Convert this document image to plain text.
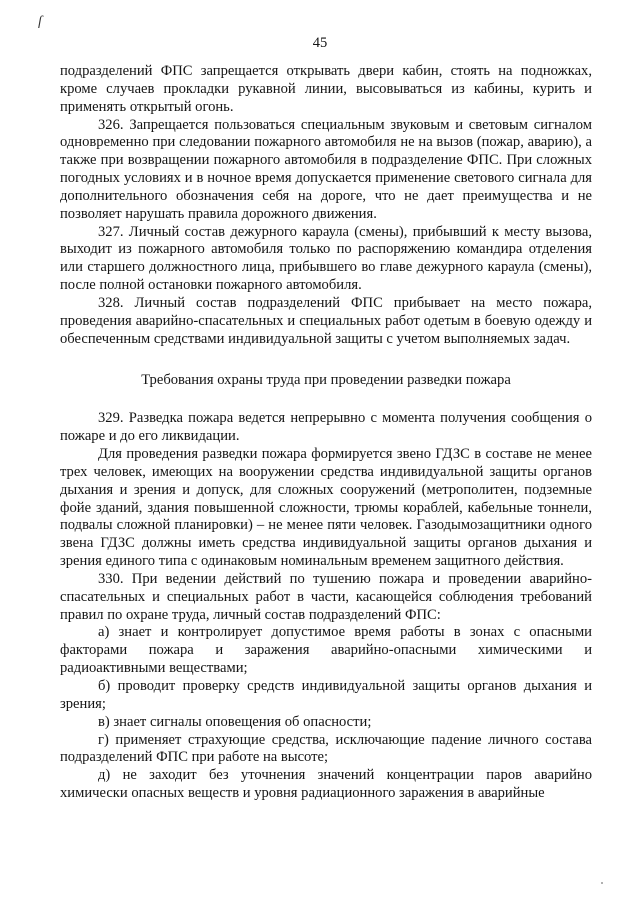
ſ
45

подразделений ФПС запрещается открывать двери кабин, стоять на подножках, кроме случаев прокладки рукавной линии, высовываться из кабины, курить и применять открытый огонь.

326. Запрещается пользоваться специальным звуковым и световым сигналом одновременно при следовании пожарного автомобиля не на вызов (пожар, аварию), а также при возвращении пожарного автомобиля в подразделение ФПС. При сложных погодных условиях и в ночное время допускается применение светового сигнала для дополнительного обозначения себя на дороге, что не дает преимущества и не позволяет нарушать правила дорожного движения.

327. Личный состав дежурного караула (смены), прибывший к месту вызова, выходит из пожарного автомобиля только по распоряжению командира отделения или старшего должностного лица, прибывшего во главе дежурного караула (смены), после полной остановки пожарного автомобиля.

328. Личный состав подразделений ФПС прибывает на место пожара, проведения аварийно-спасательных и специальных работ одетым в боевую одежду и обеспеченным средствами индивидуальной защиты с учетом выполняемых задач.

Требования охраны труда при проведении разведки пожара

329. Разведка пожара ведется непрерывно с момента получения сообщения о пожаре и до его ликвидации.

Для проведения разведки пожара формируется звено ГДЗС в составе не менее трех человек, имеющих на вооружении средства индивидуальной защиты органов дыхания и зрения и допуск, для сложных сооружений (метрополитен, подземные фойе зданий, здания повышенной сложности, трюмы кораблей, кабельные тоннели, подвалы сложной планировки) – не менее пяти человек. Газодымозащитники одного звена ГДЗС должны иметь средства индивидуальной защиты органов дыхания и зрения единого типа с одинаковым номинальным временем защитного действия.

330. При ведении действий по тушению пожара и проведении аварийно-спасательных и специальных работ в части, касающейся соблюдения требований правил по охране труда, личный состав подразделений ФПС:

а) знает и контролирует допустимое время работы в зонах с опасными факторами пожара и заражения аварийно-опасными химическими и радиоактивными веществами;

б) проводит проверку средств индивидуальной защиты органов дыхания и зрения;

в) знает сигналы оповещения об опасности;

г) применяет страхующие средства, исключающие падение личного состава подразделений ФПС при работе на высоте;

д) не заходит без уточнения значений концентрации паров аварийно химически опасных веществ и уровня радиационного заражения в аварийные
